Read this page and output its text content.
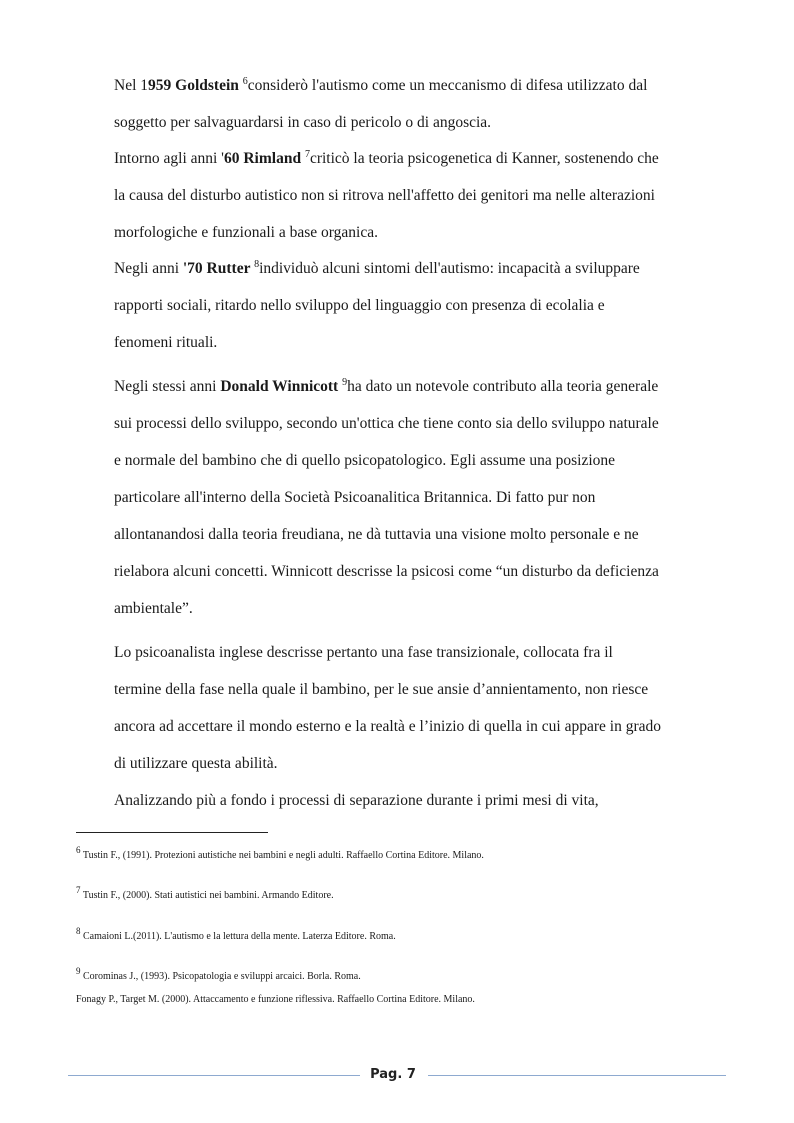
Nel 1959 Goldstein $^6$considerò l'autismo come un meccanismo di difesa utilizzato dal
soggetto per salvaguardarsi in caso di pericolo o di angoscia.
Intorno agli anni '60 Rimland $^7$criticò la teoria psicogenetica di Kanner, sostenendo che
la causa del disturbo autistico non si ritrova nell'affetto dei genitori ma nelle alterazioni
morfologiche e funzionali a base organica.
Negli anni '70 Rutter $^8$individuò alcuni sintomi dell'autismo: incapacità a sviluppare
rapporti sociali, ritardo nello sviluppo del linguaggio con presenza di ecolalia e
fenomeni rituali.
Negli stessi anni Donald Winnicott $^9$ha dato un notevole contributo alla teoria generale
sui processi dello sviluppo, secondo un'ottica che tiene conto sia dello sviluppo naturale
e normale del bambino che di quello psicopatologico. Egli assume una posizione
particolare all'interno della Società Psicoanalitica Britannica. Di fatto pur non
allontanandosi dalla teoria freudiana, ne dà tuttavia una visione molto personale e ne
rielabora alcuni concetti. Winnicott descrisse la psicosi come “un disturbo da deficienza
ambientale”.
Lo psicoanalista inglese descrisse pertanto una fase transizionale, collocata fra il
termine della fase nella quale il bambino, per le sue ansie d’annientamento, non riesce
ancora ad accettare il mondo esterno e la realtà e l’inizio di quella in cui appare in grado
di utilizzare questa abilità.
Analizzando più a fondo i processi di separazione durante i primi mesi di vita,
$^6$ Tustin F., (1991). Protezioni autistiche nei bambini e negli adulti. Raffaello Cortina Editore. Milano.
$^7$ Tustin F., (2000). Stati autistici nei bambini. Armando Editore.
$^8$ Camaioni L.(2011). L'autismo e la lettura della mente. Laterza Editore. Roma.
$^9$ Corominas J., (1993). Psicopatologia e sviluppi arcaici. Borla. Roma.
Fonagy P., Target M. (2000). Attaccamento e funzione riflessiva. Raffaello Cortina Editore. Milano.
Pag. 7
